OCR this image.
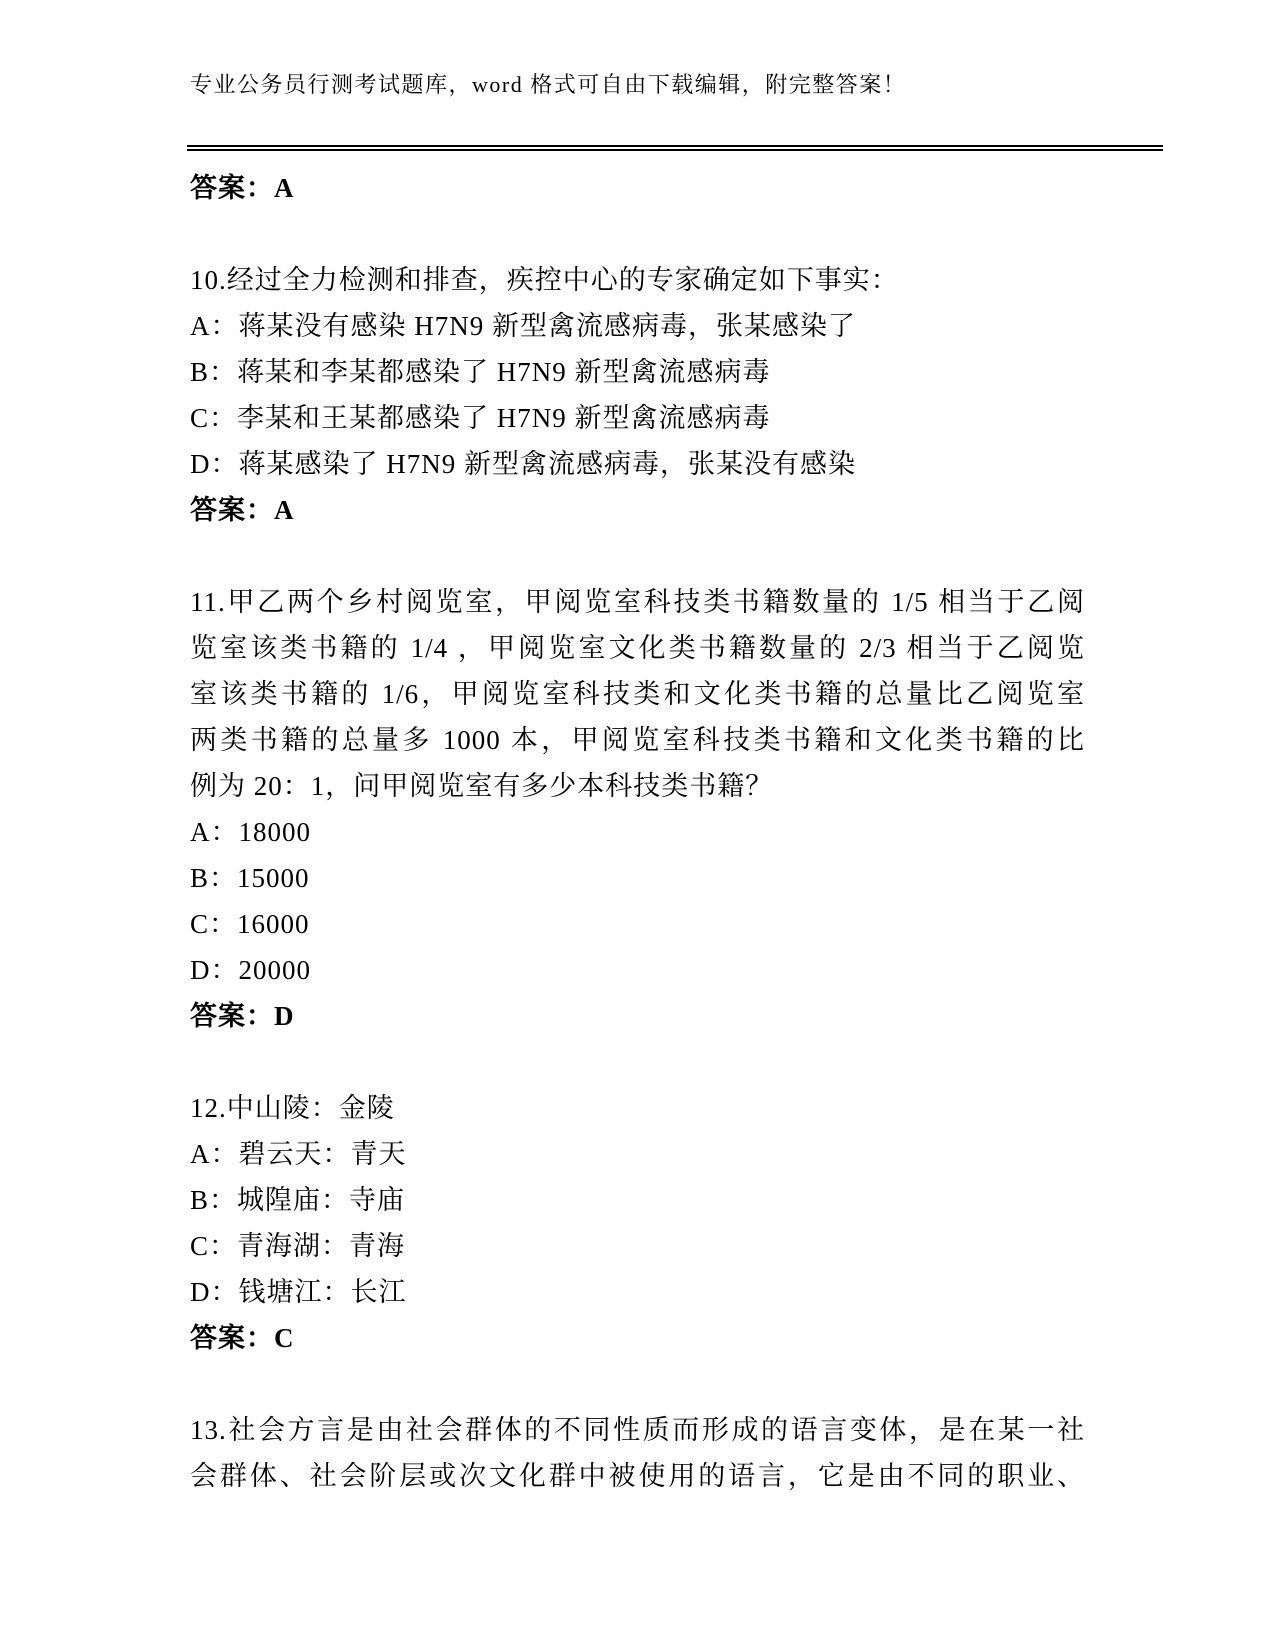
专业公务员行测考试题库，word 格式可自由下载编辑，附完整答案！
答案：A
10.经过全力检测和排查，疾控中心的专家确定如下事实：
A：蒋某没有感染 H7N9 新型禽流感病毒，张某感染了
B：蒋某和李某都感染了 H7N9 新型禽流感病毒
C：李某和王某都感染了 H7N9 新型禽流感病毒
D：蒋某感染了 H7N9 新型禽流感病毒，张某没有感染
答案：A
11.甲乙两个乡村阅览室，甲阅览室科技类书籍数量的 1/5 相当于乙阅
览室该类书籍的 1/4 ，甲阅览室文化类书籍数量的 2/3 相当于乙阅览
室该类书籍的 1/6，甲阅览室科技类和文化类书籍的总量比乙阅览室
两类书籍的总量多 1000 本，甲阅览室科技类书籍和文化类书籍的比
例为 20：1，问甲阅览室有多少本科技类书籍？
A：18000
B：15000
C：16000
D：20000
答案：D
12.中山陵：金陵
A：碧云天：青天
B：城隍庙：寺庙
C：青海湖：青海
D：钱塘江：长江
答案：C
13.社会方言是由社会群体的不同性质而形成的语言变体，是在某一社
会群体、社会阶层或次文化群中被使用的语言，它是由不同的职业、
